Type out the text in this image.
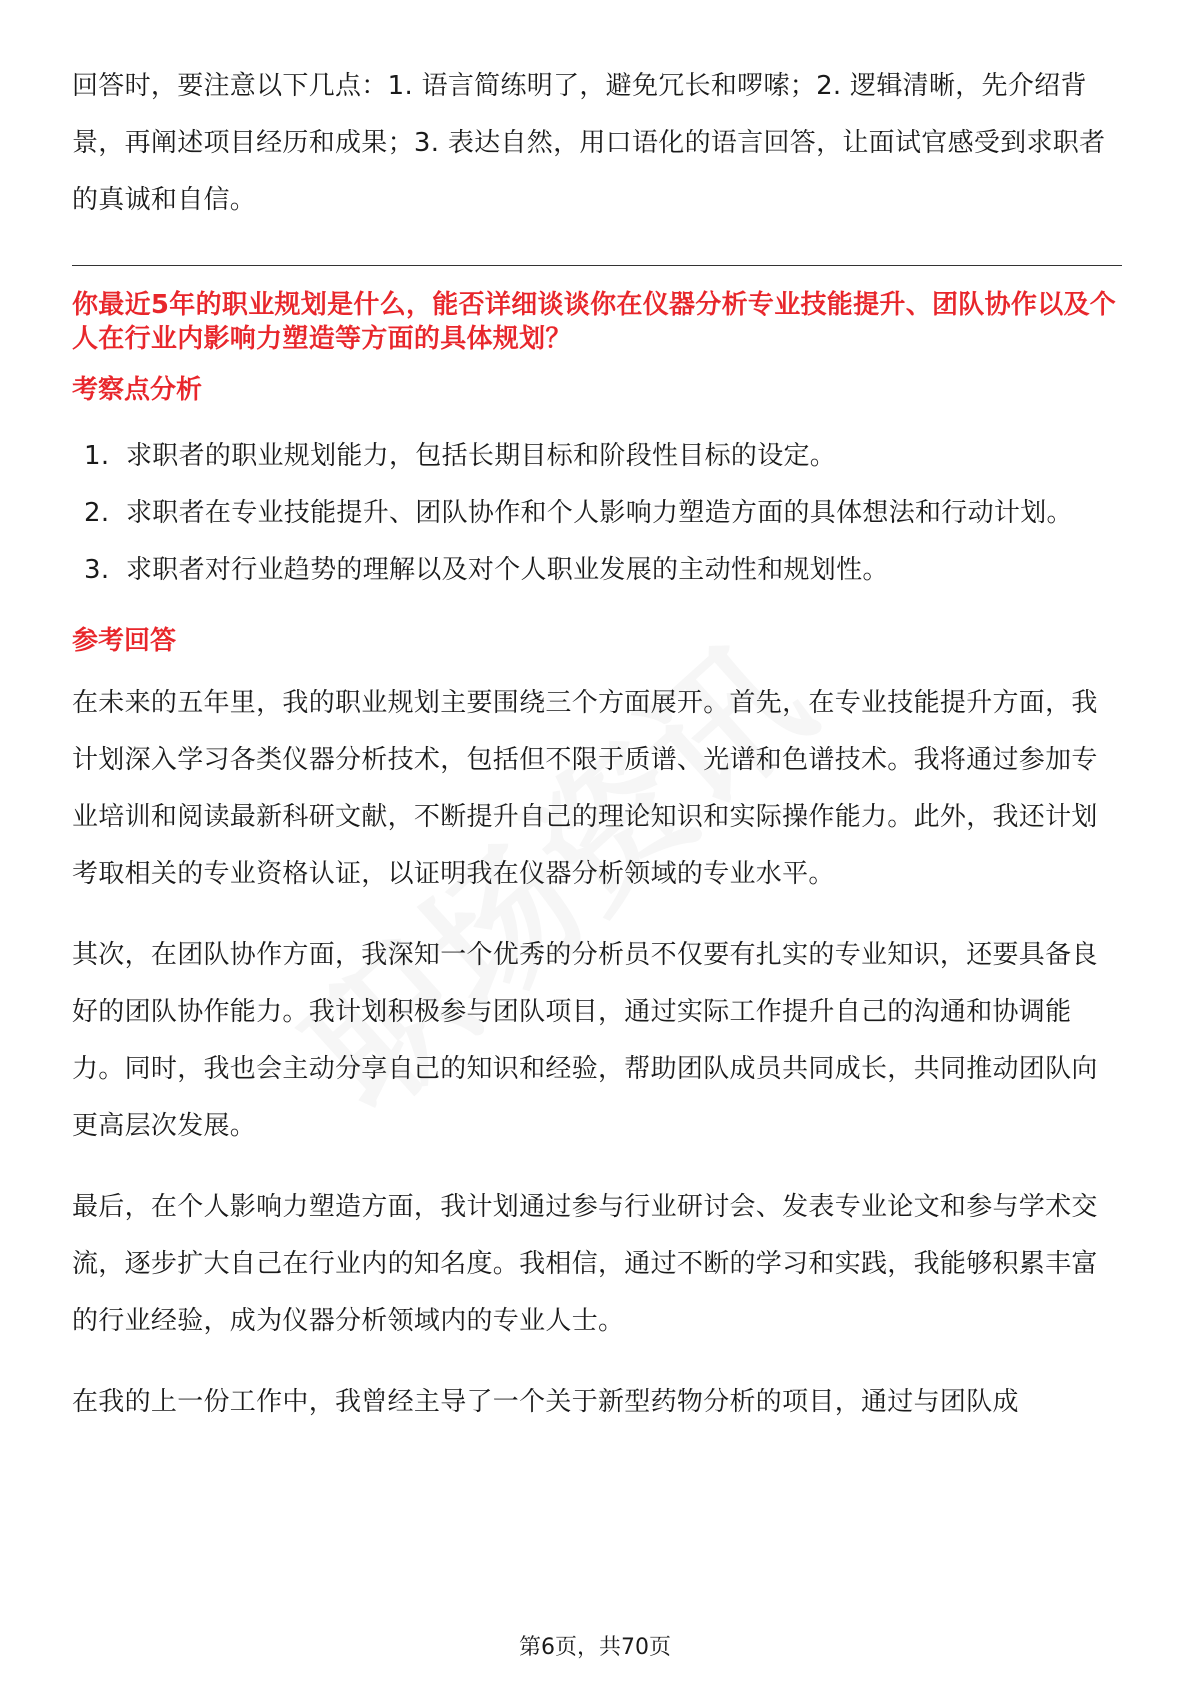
回答时，要注意以下几点：1. 语言简练明了，避免冗长和啰嗦；2. 逻辑清晰，先介绍背景，再阐述项目经历和成果；3. 表达自然，用口语化的语言回答，让面试官感受到求职者的真诚和自信。

你最近5年的职业规划是什么，能否详细谈谈你在仪器分析专业技能提升、团队协作以及个人在行业内影响力塑造等方面的具体规划？

考察点分析
1. 求职者的职业规划能力，包括长期目标和阶段性目标的设定。
2. 求职者在专业技能提升、团队协作和个人影响力塑造方面的具体想法和行动计划。
3. 求职者对行业趋势的理解以及对个人职业发展的主动性和规划性。
参考回答

在未来的五年里，我的职业规划主要围绕三个方面展开。首先，在专业技能提升方面，我计划深入学习各类仪器分析技术，包括但不限于质谱、光谱和色谱技术。我将通过参加专业培训和阅读最新科研文献，不断提升自己的理论知识和实际操作能力。此外，我还计划考取相关的专业资格认证，以证明我在仪器分析领域的专业水平。

其次，在团队协作方面，我深知一个优秀的分析员不仅要有扎实的专业知识，还要具备良好的团队协作能力。我计划积极参与团队项目，通过实际工作提升自己的沟通和协调能力。同时，我也会主动分享自己的知识和经验，帮助团队成员共同成长，共同推动团队向更高层次发展。

最后，在个人影响力塑造方面，我计划通过参与行业研讨会、发表专业论文和参与学术交流，逐步扩大自己在行业内的知名度。我相信，通过不断的学习和实践，我能够积累丰富的行业经验，成为仪器分析领域内的专业人士。

在我的上一份工作中，我曾经主导了一个关于新型药物分析的项目，通过与团队成

第6页，共70页
